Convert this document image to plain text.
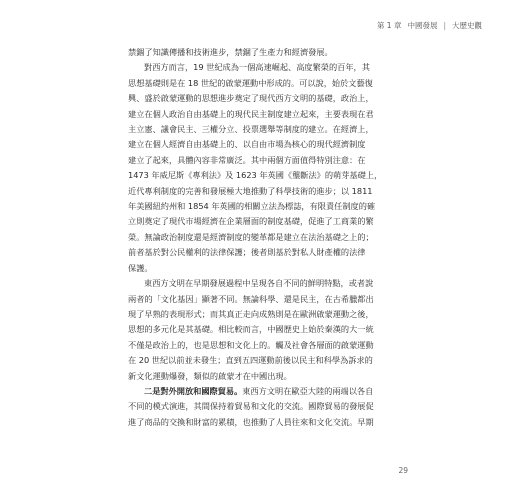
第 1 章 中國發展 | 大歷史觀
禁錮了知識傳播和技術進步，禁錮了生產力和經濟發展。
對西方而言，19 世紀成為一個高速崛起、高度繁榮的百年，其
思想基礎則是在 18 世紀的啟蒙運動中形成的。可以說，始於文藝復
興、盛於啟蒙運動的思想進步奠定了現代西方文明的基礎，政治上，
建立在個人政治自由基礎上的現代民主制度建立起來，主要表現在君
主立憲、議會民主、三權分立、投票選舉等制度的建立。在經濟上，
建立在個人經濟自由基礎上的、以自由市場為核心的現代經濟制度
建立了起來，具體內容非常廣泛。其中兩個方面值得特別注意：在
1473 年威尼斯《專利法》及 1623 年英國《壟斷法》的萌芽基礎上，
近代專利制度的完善和發展極大地推動了科學技術的進步；以 1811
年美國紐約州和 1854 年英國的相關立法為標誌，有限責任制度的確
立則奠定了現代市場經濟在企業層面的制度基礎，促進了工商業的繁
榮。無論政治制度還是經濟制度的變革都是建立在法治基礎之上的；
前者基於對公民權利的法律保護；後者則基於對私人財產權的法律
保護。
東西方文明在早期發展過程中呈現各自不同的鮮明特點，或者說
兩者的「文化基因」顯著不同。無論科學、還是民主，在古希臘都出
現了早熟的表現形式；而其真正走向成熟則是在歐洲啟蒙運動之後，
思想的多元化是其基礎。相比較而言，中國歷史上始於秦漢的大一統
不僅是政治上的，也是思想和文化上的。觸及社會各層面的啟蒙運動
在 20 世紀以前並未發生；直到五四運動前後以民主和科學為訴求的
新文化運動爆發，類似的啟蒙才在中國出現。
二是對外開放和國際貿易。東西方文明在歐亞大陸的兩端以各自
不同的模式演進，其間保持着貿易和文化的交流。國際貿易的發展促
進了商品的交換和財富的累積，也推動了人員往來和文化交流。早期
29
